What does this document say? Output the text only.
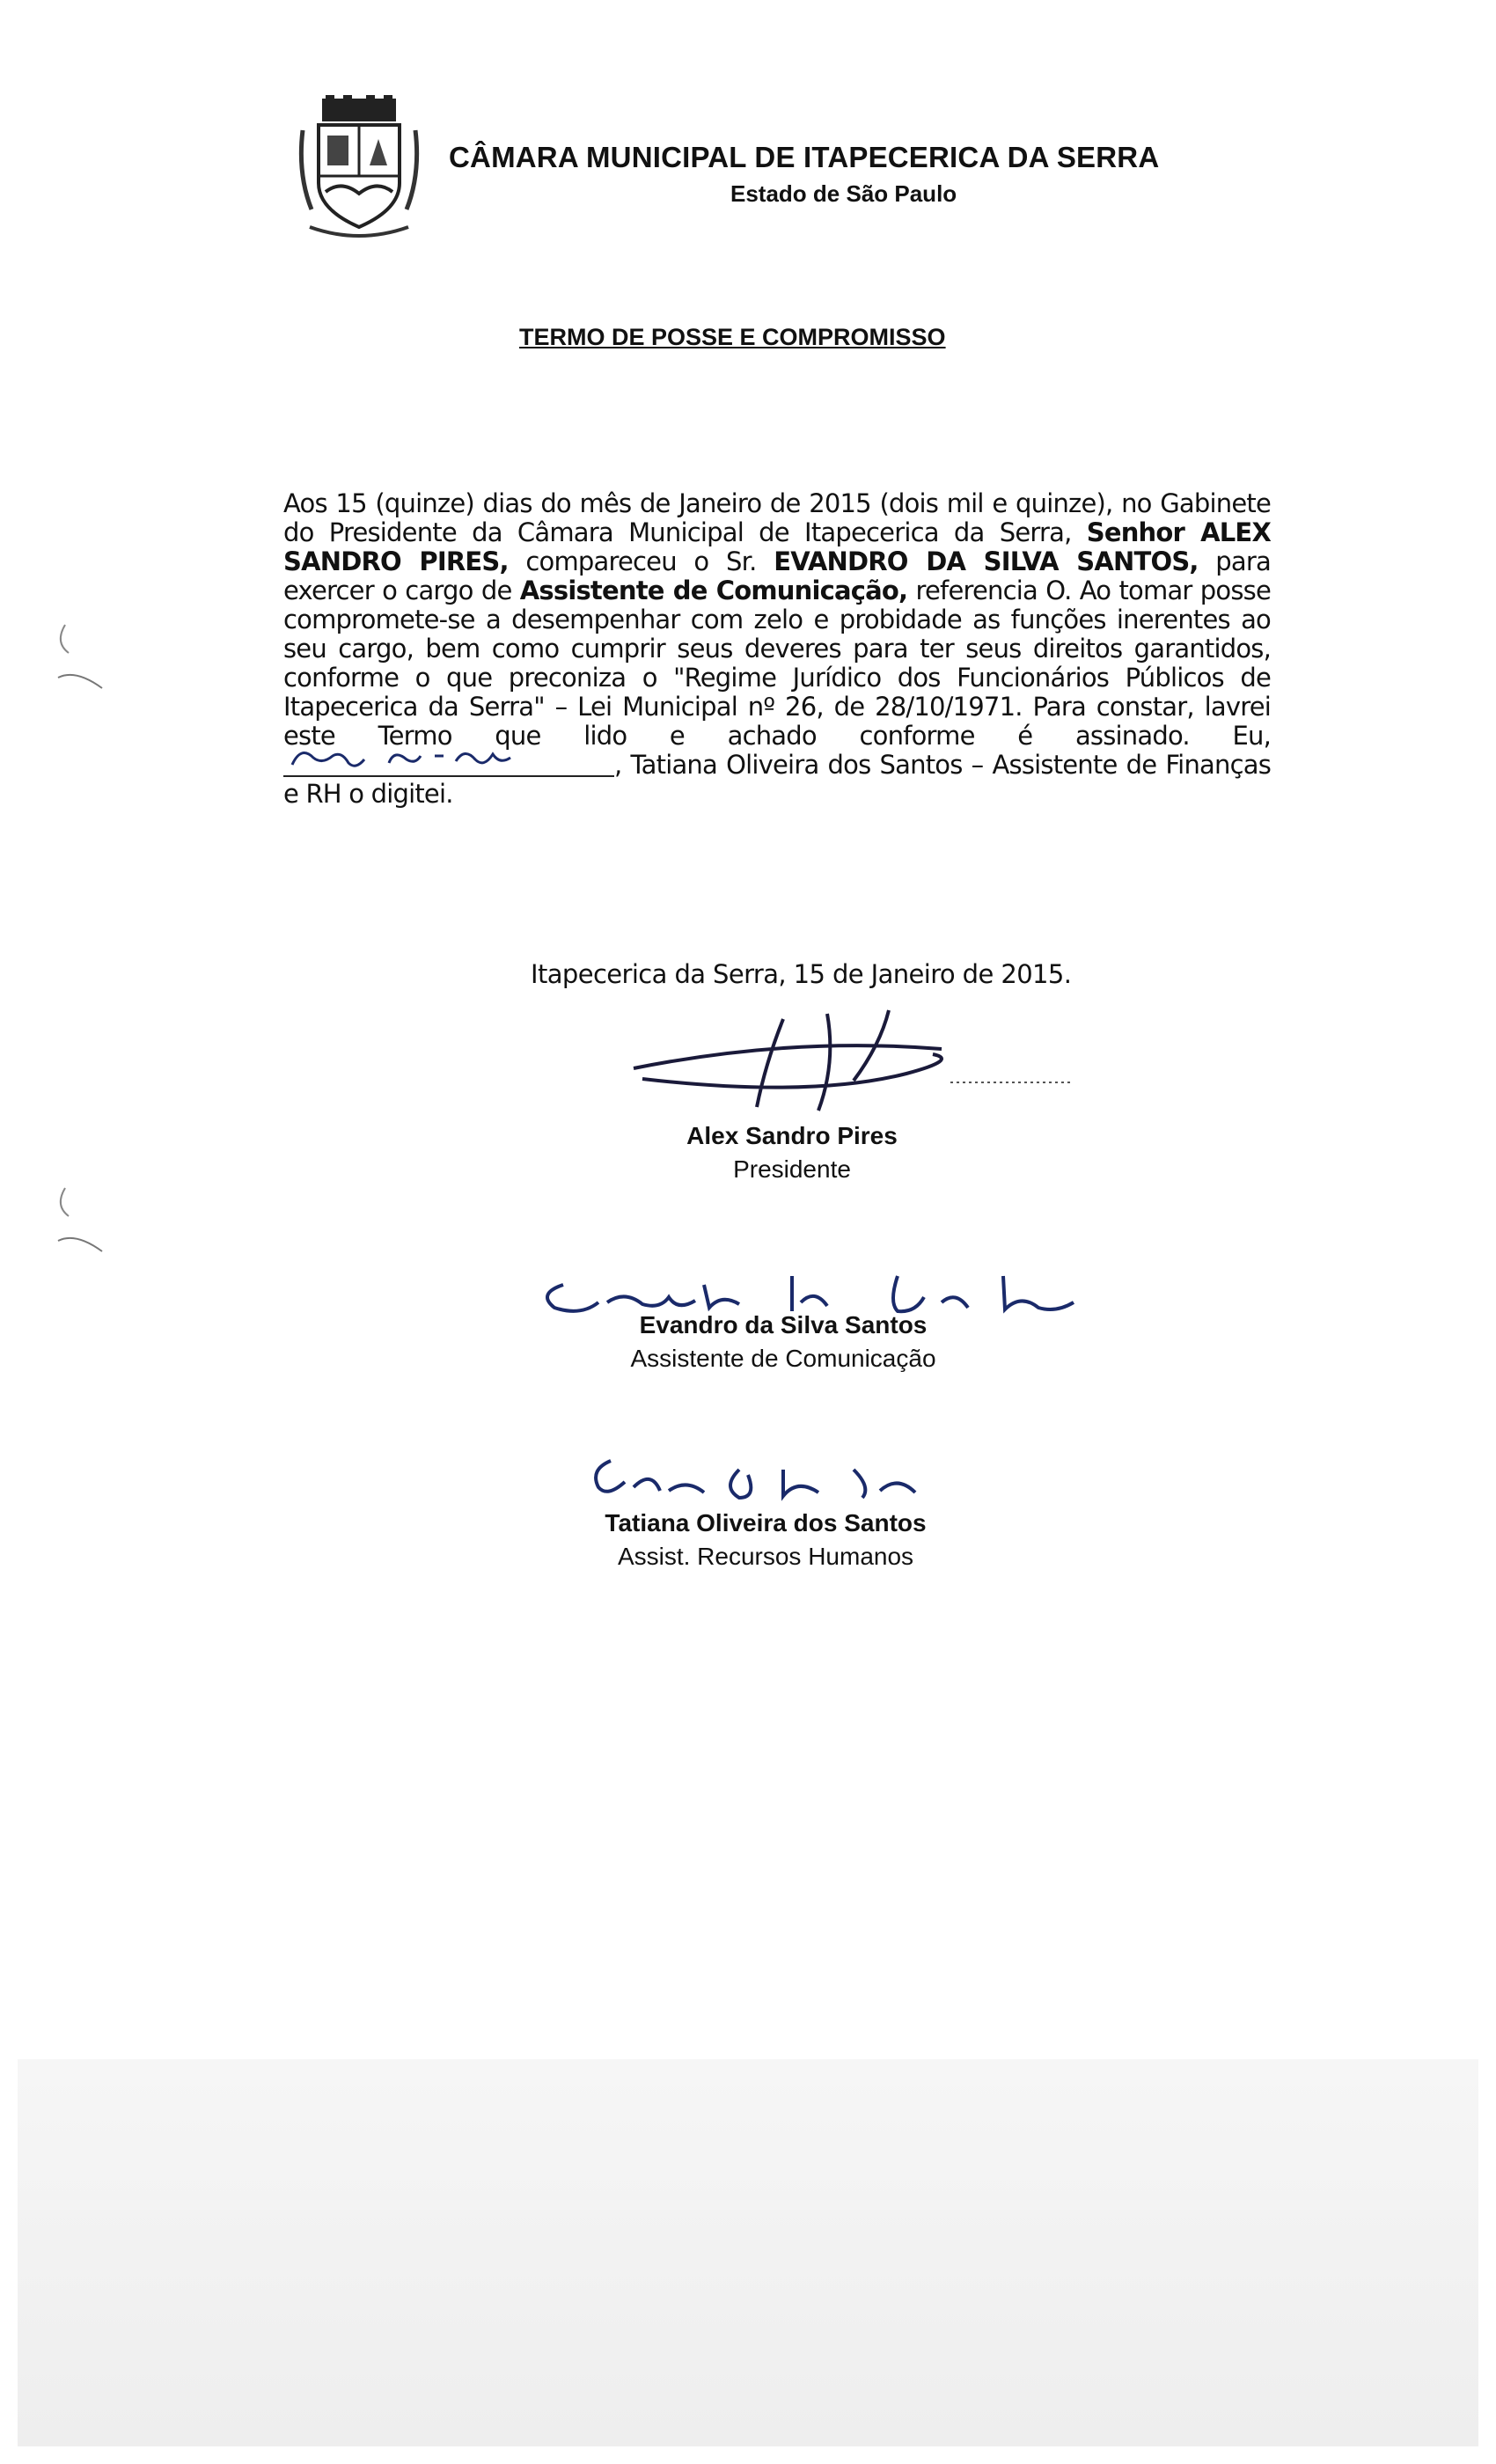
CÂMARA MUNICIPAL DE ITAPECERICA DA SERRA
Estado de São Paulo
TERMO DE POSSE E COMPROMISSO
Aos 15 (quinze) dias do mês de Janeiro de 2015 (dois mil e quinze), no Gabinete do Presidente da Câmara Municipal de Itapecerica da Serra, Senhor ALEX SANDRO PIRES, compareceu o Sr. EVANDRO DA SILVA SANTOS, para exercer o cargo de Assistente de Comunicação, referencia O. Ao tomar posse compromete-se a desempenhar com zelo e probidade as funções inerentes ao seu cargo, bem como cumprir seus deveres para ter seus direitos garantidos, conforme o que preconiza o "Regime Jurídico dos Funcionários Públicos de Itapecerica da Serra" – Lei Municipal nº 26, de 28/10/1971. Para constar, lavrei este Termo que lido e achado conforme é assinado. Eu,
, Tatiana Oliveira dos Santos – Assistente de Finanças e RH o digitei.
Itapecerica da Serra, 15 de Janeiro de 2015.
Alex Sandro Pires
Presidente
Evandro da Silva Santos
Assistente de Comunicação
Tatiana Oliveira dos Santos
Assist. Recursos Humanos
